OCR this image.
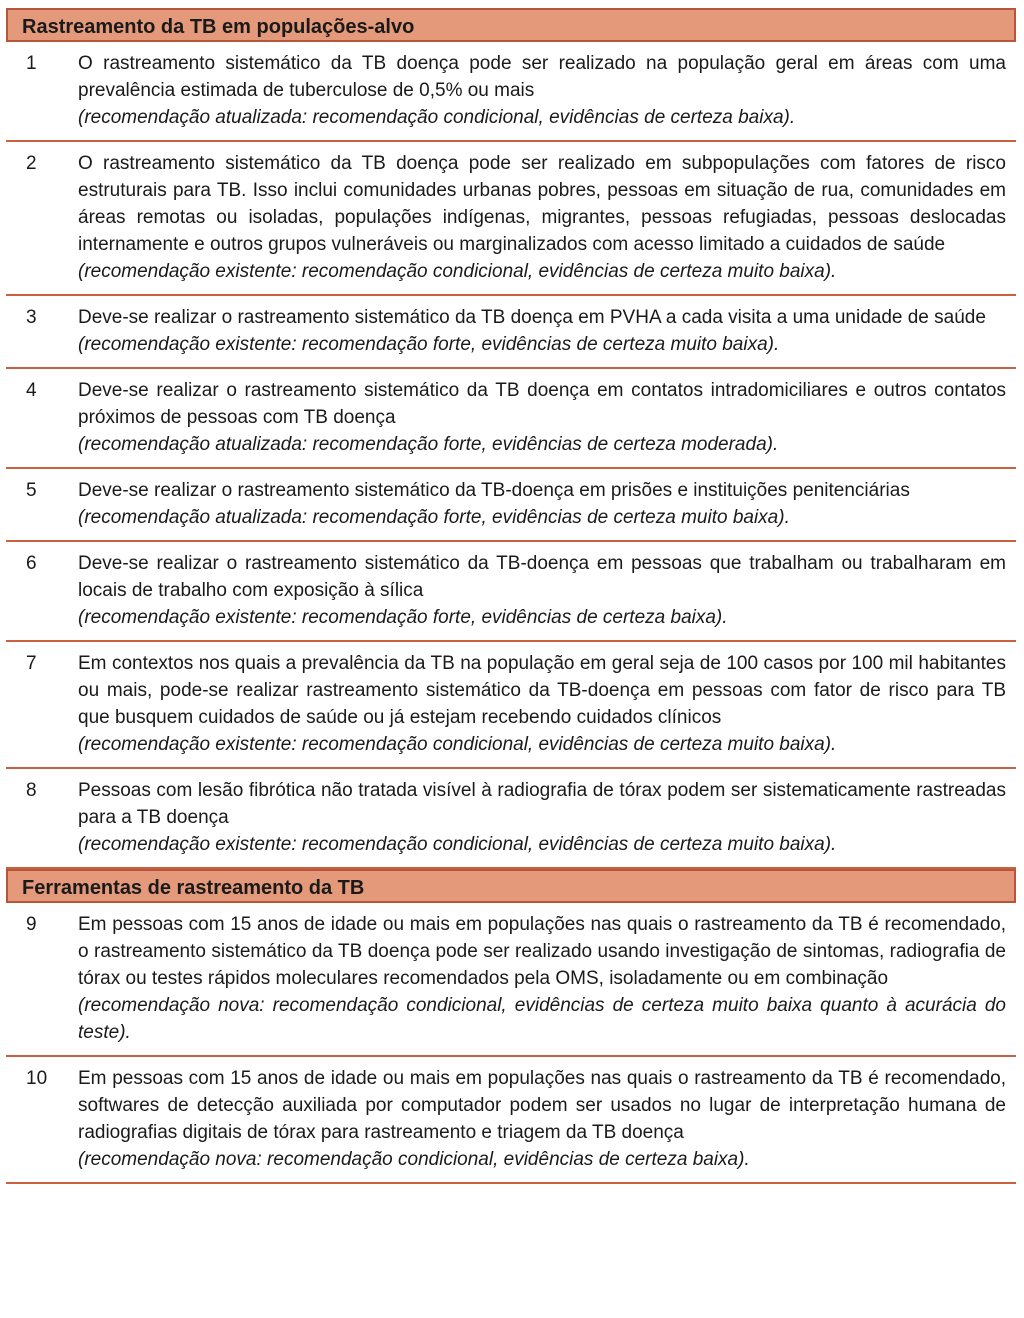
Rastreamento da TB em populações-alvo
1	O rastreamento sistemático da TB doença pode ser realizado na população geral em áreas com uma prevalência estimada de tuberculose de 0,5% ou mais
(recomendação atualizada: recomendação condicional, evidências de certeza baixa).
2	O rastreamento sistemático da TB doença pode ser realizado em subpopulações com fatores de risco estruturais para TB. Isso inclui comunidades urbanas pobres, pessoas em situação de rua, comunidades em áreas remotas ou isoladas, populações indígenas, migrantes, pessoas refugiadas, pessoas deslocadas internamente e outros grupos vulneráveis ou marginalizados com acesso limitado a cuidados de saúde
(recomendação existente: recomendação condicional, evidências de certeza muito baixa).
3	Deve-se realizar o rastreamento sistemático da TB doença em PVHA a cada visita a uma unidade de saúde
(recomendação existente: recomendação forte, evidências de certeza muito baixa).
4	Deve-se realizar o rastreamento sistemático da TB doença em contatos intradomiciliares e outros contatos próximos de pessoas com TB doença
(recomendação atualizada: recomendação forte, evidências de certeza moderada).
5	Deve-se realizar o rastreamento sistemático da TB-doença em prisões e instituições penitenciárias
(recomendação atualizada: recomendação forte, evidências de certeza muito baixa).
6	Deve-se realizar o rastreamento sistemático da TB-doença em pessoas que trabalham ou trabalharam em locais de trabalho com exposição à sílica
(recomendação existente: recomendação forte, evidências de certeza baixa).
7	Em contextos nos quais a prevalência da TB na população em geral seja de 100 casos por 100 mil habitantes ou mais, pode-se realizar rastreamento sistemático da TB-doença em pessoas com fator de risco para TB que busquem cuidados de saúde ou já estejam recebendo cuidados clínicos
(recomendação existente: recomendação condicional, evidências de certeza muito baixa).
8	Pessoas com lesão fibrótica não tratada visível à radiografia de tórax podem ser sistematicamente rastreadas para a TB doença
(recomendação existente: recomendação condicional, evidências de certeza muito baixa).
Ferramentas de rastreamento da TB
9	Em pessoas com 15 anos de idade ou mais em populações nas quais o rastreamento da TB é recomendado, o rastreamento sistemático da TB doença pode ser realizado usando investigação de sintomas, radiografia de tórax ou testes rápidos moleculares recomendados pela OMS, isoladamente ou em combinação
(recomendação nova: recomendação condicional, evidências de certeza muito baixa quanto à acurácia do teste).
10	Em pessoas com 15 anos de idade ou mais em populações nas quais o rastreamento da TB é recomendado, softwares de detecção auxiliada por computador podem ser usados no lugar de interpretação humana de radiografias digitais de tórax para rastreamento e triagem da TB doença
(recomendação nova: recomendação condicional, evidências de certeza baixa).
